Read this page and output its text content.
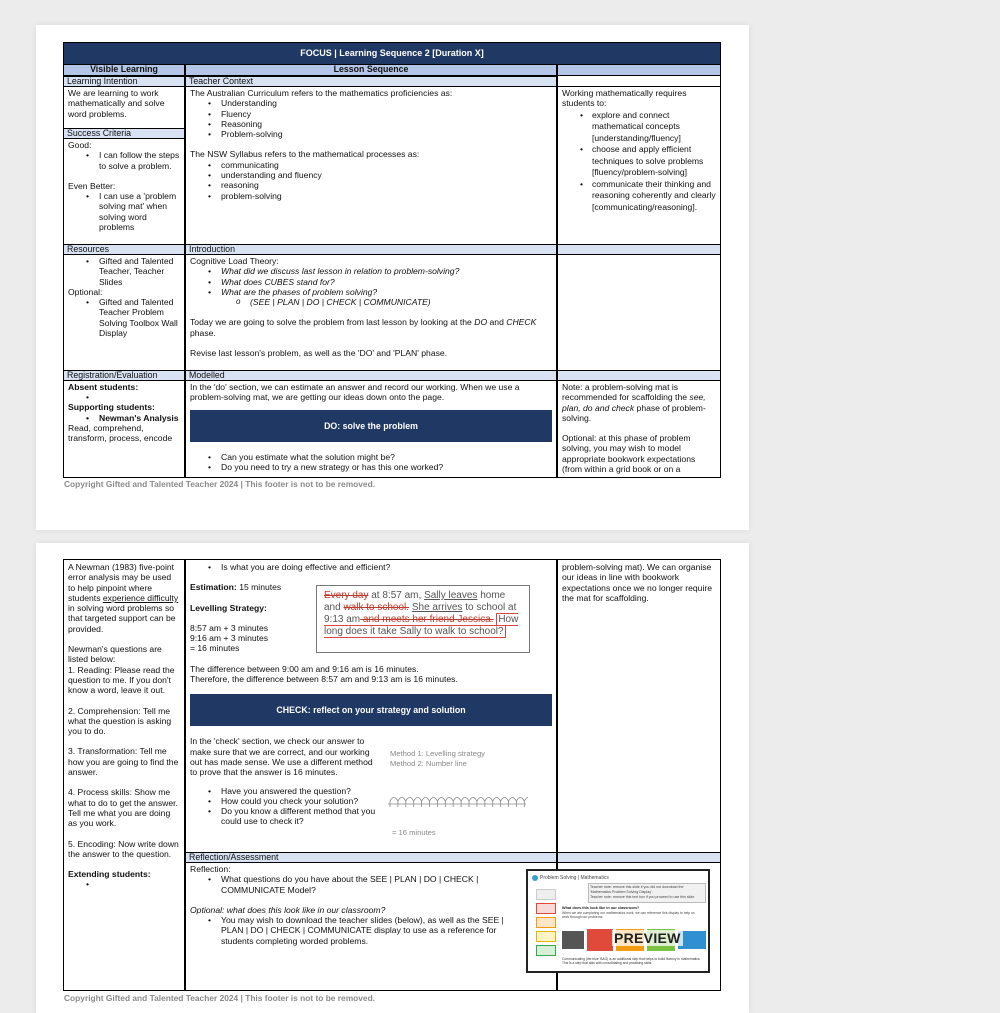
FOCUS | Learning Sequence 2 [Duration X]
Visible Learning	Lesson Sequence
Learning Intention
We are learning to work mathematically and solve word problems.
Success Criteria
Good:
• I can follow the steps to solve a problem.
Even Better:
• I can use a 'problem solving mat' when solving word problems
Resources
• Gifted and Talented Teacher, Teacher Slides
Optional:
• Gifted and Talented Teacher Problem Solving Toolbox Wall Display
Registration/Evaluation
Absent students:
Supporting students:
• Newman's Analysis
Read, comprehend, transform, process, encode
Teacher Context
The Australian Curriculum refers to the mathematics proficiencies as:
• Understanding
• Fluency
• Reasoning
• Problem-solving
The NSW Syllabus refers to the mathematical processes as:
• communicating
• understanding and fluency
• reasoning
• problem-solving
Introduction
Cognitive Load Theory:
• What did we discuss last lesson in relation to problem-solving?
• What does CUBES stand for?
• What are the phases of problem solving?
o (SEE | PLAN | DO | CHECK | COMMUNICATE)
Today we are going to solve the problem from last lesson by looking at the DO and CHECK phase.
Revise last lesson's problem, as well as the 'DO' and 'PLAN' phase.
Modelled
In the 'do' section, we can estimate an answer and record our working. When we use a problem-solving mat, we are getting our ideas down onto the page.
DO: solve the problem
• Can you estimate what the solution might be?
• Do you need to try a new strategy or has this one worked?
Working mathematically requires students to:
• explore and connect mathematical concepts [understanding/fluency]
• choose and apply efficient techniques to solve problems [fluency/problem-solving]
• communicate their thinking and reasoning coherently and clearly [communicating/reasoning].
Note: a problem-solving mat is recommended for scaffolding the see, plan, do and check phase of problem-solving.
Optional: at this phase of problem solving, you may wish to model appropriate bookwork expectations (from within a grid book or on a
Copyright Gifted and Talented Teacher 2024 | This footer is not to be removed.
A Newman (1983) five-point error analysis may be used to help pinpoint where students experience difficulty in solving word problems so that targeted support can be provided.
Newman's questions are listed below:
1. Reading: Please read the question to me. If you don't know a word, leave it out.
2. Comprehension: Tell me what the question is asking you to do.
3. Transformation: Tell me how you are going to find the answer.
4. Process skills: Show me what to do to get the answer. Tell me what you are doing as you work.
5. Encoding: Now write down the answer to the question.
Extending students:
• Is what you are doing effective and efficient?
Estimation: 15 minutes
Levelling Strategy:
8:57 am + 3 minutes
9:16 am + 3 minutes
= 16 minutes
The difference between 9:00 am and 9:16 am is 16 minutes.
Therefore, the difference between 8:57 am and 9:13 am is 16 minutes.
CHECK: reflect on your strategy and solution
In the 'check' section, we check our answer to make sure that we are correct, and our working out has made sense. We use a different method to prove that the answer is 16 minutes.
• Have you answered the question?
• How could you check your solution?
• Do you know a different method that you could use to check it?
Every day at 8:57 am, Sally leaves home and walk to school. She arrives to school at 9:13 am and meets her friend Jessica. How long does it take Sally to walk to school?
Method 1: Levelling strategy
Method 2: Number line
= 16 minutes
Reflection/Assessment
Reflection:
• What questions do you have about the SEE | PLAN | DO | CHECK | COMMUNICATE Model?
Optional: what does this look like in our classroom?
• You may wish to download the teacher slides (below), as well as the SEE | PLAN | DO | CHECK | COMMUNICATE display to use as a reference for students completing worded problems.
problem-solving mat). We can organise our ideas in line with bookwork expectations once we no longer require the mat for scaffolding.
Problem Solving | Mathematics
Teacher note: remove this slide if you did not download the 'Mathematics Problem Solving Display'.
Teacher note: remove this text box if you proceed to use this slide.
What does this look like in our classroom?
When we are completing our mathematics work, we can reference this display to help us work through our problems.
PREVIEW
Communicating (the blue 'BAG) is an additional step that helps to build fluency in mathematics. This is a step that aids with consolidating and practising skills.
Copyright Gifted and Talented Teacher 2024 | This footer is not to be removed.
